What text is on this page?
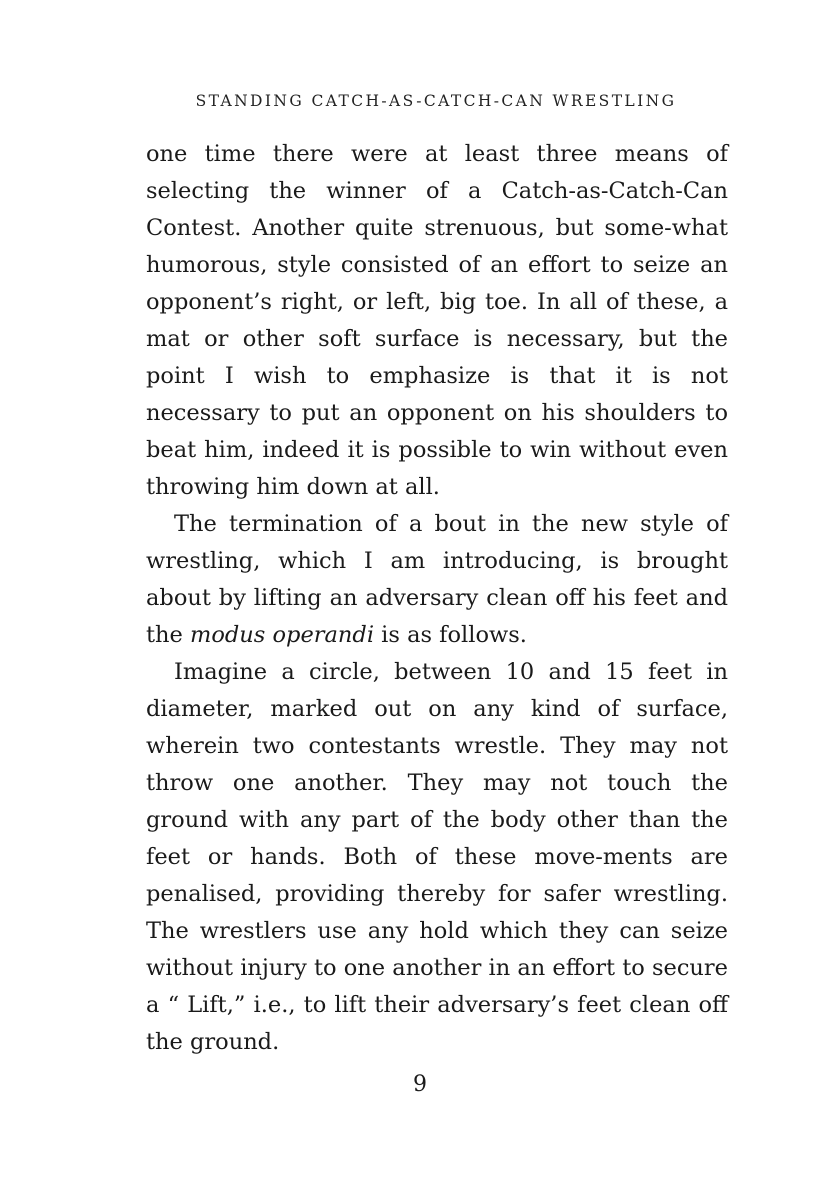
STANDING CATCH-AS-CATCH-CAN WRESTLING

one time there were at least three means of selecting the winner of a Catch-as-Catch-Can Contest. Another quite strenuous, but some-what humorous, style consisted of an effort to seize an opponent’s right, or left, big toe. In all of these, a mat or other soft surface is necessary, but the point I wish to emphasize is that it is not necessary to put an opponent on his shoulders to beat him, indeed it is possible to win without even throwing him down at all.

The termination of a bout in the new style of wrestling, which I am introducing, is brought about by lifting an adversary clean off his feet and the modus operandi is as follows.

Imagine a circle, between 10 and 15 feet in diameter, marked out on any kind of surface, wherein two contestants wrestle. They may not throw one another. They may not touch the ground with any part of the body other than the feet or hands. Both of these move-ments are penalised, providing thereby for safer wrestling. The wrestlers use any hold which they can seize without injury to one another in an effort to secure a “ Lift,” i.e., to lift their adversary’s feet clean off the ground.

9
